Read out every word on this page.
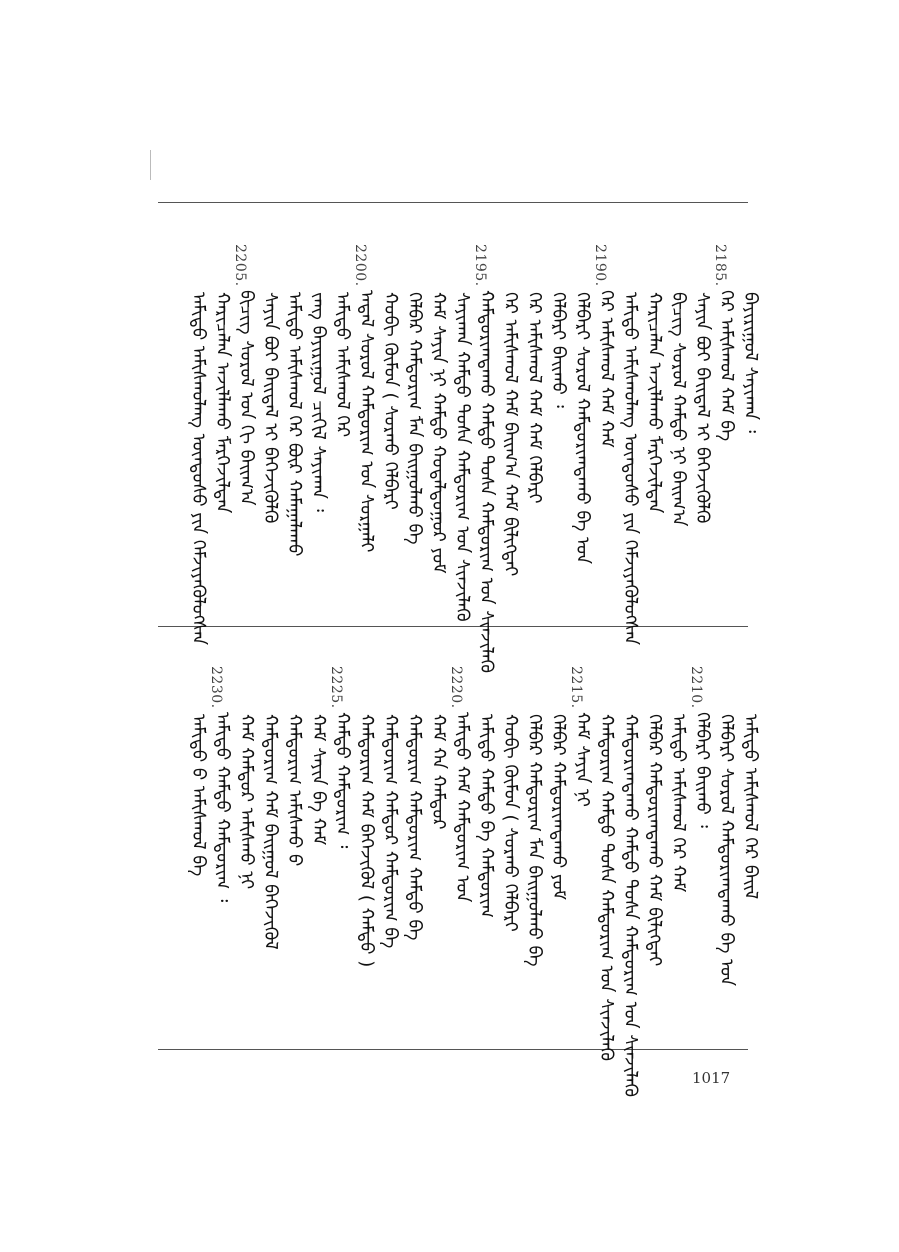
ᠠᠮᠢᠳᠤ ᠠᠮᠢᠰᠬᠤᠯᠠᠩ ᠦᠨᠳᠦᠰᠦ ᠶᠢᠨ ᠬᠡᠮᠵᠢᠶᠡᠭᠦᠯᠦᠭᠰᠡᠨ ᠬᠠᠷᠢᠴᠠᠯᠠᠨ ᠠᠵᠢᠯᠯᠠᠬᠤ ᠮᠡᠷᠭᠡᠵᠢᠯᠲᠡᠨ
2205.
ᠪᠢᠴᠢᠭ ᠰᠤᠷᠤᠯ ᠤᠨ ᠬᠢ ᠪᠠᠢᠭ᠎ᠠ ᠰᠠᠶᠢᠨ ᠪᠤᠢ ᠪᠠᠢᠳᠠᠯ ᠢ ᠪᠡᠬᠡᠵᠢᠭᠦᠯᠬᠦ ᠠᠮᠢᠳᠤ ᠠᠮᠢᠰᠬᠤᠯ ᠬᠡᠷ ᠪᠦᠷ ᠬᠠᠮᠠᠭᠠᠯᠠᠬᠤ ᠵᠠᠩ ᠪᠠᠶᠢᠷᠢᠭᠤᠯ ᠴᠢᠬᠢᠯ ᠰᠠᠶᠢᠬᠠᠨ ᠄ ᠠᠮᠢᠳᠤ ᠠᠮᠢᠰᠬᠤᠯ ᠬᠡᠷ
2200.
ᠠᠳᠠᠯ ᠰᠤᠷᠤᠯ ᠬᠠᠮᠲᠤᠷᠢᠭ ᠤᠨ ᠰᠤᠷᠭᠠᠯᠢ ᠬᠤᠪᠢ ᠬᠦᠮᠦᠨ ( ᠰᠤᠷᠬᠤ ᠬᠡᠯᠪᠡᠷᠢ ᠬᠡᠯᠪᠡᠷ ᠬᠠᠮᠲᠤᠷᠢᠭ ᠮᠠᠨ ᠪᠠᠢᠭᠤᠯᠬᠤ ᠪᠠ ᠬᠠᠮ ᠰᠠᠶᠢᠨ ᠨᠢ ᠬᠠᠮᠲᠤ ᠬᠤᠳᠠᠯᠳᠤᠭᠤᠷ ᠶᠤᠮ ᠰᠠᠶᠢᠬᠠᠨ ᠬᠠᠮᠲᠤ ᠲᠤᠰᠠ ᠬᠠᠮᠲᠤᠷᠢᠭ ᠤᠨ ᠰᠢᠨᠵᠢᠯᠡᠬᠦ
2195.
ᠬᠠᠮᠲᠤᠷᠢᠭᠳᠠᠬᠤ ᠬᠠᠮᠲᠤ ᠲᠤᠰᠠ ᠬᠠᠮᠲᠤᠷᠢᠭ ᠤᠨ ᠰᠢᠨᠵᠢᠯᠡᠬᠦ ᠬᠡᠷ ᠠᠮᠢᠰᠬᠤᠯ ᠬᠠᠮ ᠪᠠᠢᠭ᠎ᠠ ᠬᠠᠮ ᠪᠢᠯᠢᠭᠲᠡᠢ ᠬᠡᠷ ᠠᠮᠢᠰᠬᠤᠯ ᠬᠠᠮ ᠬᠠᠮ ᠬᠡᠯᠪᠡᠷᠢ ᠬᠡᠯᠪᠡᠷᠢ ᠪᠠᠢᠬᠤ ᠄ ᠬᠡᠯᠪᠡᠷᠢ ᠰᠤᠷᠤᠯ ᠬᠠᠮᠲᠤᠷᠢᠭᠳᠠᠬᠤ ᠪᠠ ᠤᠨ
2190.
ᠬᠡᠷ ᠠᠮᠢᠰᠬᠤᠯ ᠬᠠᠮ ᠬᠠᠮ ᠠᠮᠢᠳᠤ ᠠᠮᠢᠰᠬᠤᠯᠠᠩ ᠦᠨᠳᠦᠰᠦ ᠶᠢᠨ ᠬᠡᠮᠵᠢᠶᠡᠭᠦᠯᠦᠭᠰᠡᠨ ᠬᠠᠷᠢᠴᠠᠯᠠᠨ ᠠᠵᠢᠯᠯᠠᠬᠤ ᠮᠡᠷᠭᠡᠵᠢᠯᠲᠡᠨ ᠪᠢᠴᠢᠭ ᠰᠤᠷᠤᠯ ᠬᠠᠮᠲᠤ ᠨᠢ ᠪᠠᠢᠭ᠎ᠠ ᠰᠠᠶᠢᠨ ᠪᠤᠢ ᠪᠠᠢᠳᠠᠯ ᠢ ᠪᠡᠬᠡᠵᠢᠭᠦᠯᠬᠦ
2185.
ᠬᠡᠷ ᠠᠮᠢᠰᠬᠤᠯ ᠬᠠᠮ ᠪᠠ ᠪᠠᠶᠢᠷᠢᠭᠤᠯ ᠰᠠᠶᠢᠬᠠᠨ ᠄
ᠠᠮᠢᠳᠤ ᠪ ᠠᠮᠢᠰᠬᠤᠯ ᠪᠠ
2230.
ᠠᠮᠢᠳᠤ ᠬᠠᠮᠲᠤ ᠬᠠᠮᠲᠤᠷᠢᠭ ᠄ ᠬᠠᠮ ᠬᠠᠮᠲᠤᠷ ᠠᠮᠢᠰᠬᠤ ᠨᠢ ᠬᠠᠮᠲᠤᠷᠢᠭ ᠬᠠᠮ ᠪᠠᠢᠭᠤᠯ ᠪᠡᠬᠡᠵᠢᠭᠦᠯ ᠬᠠᠮᠲᠤᠷᠢᠭ ᠠᠮᠢᠰᠬᠤ ᠪ ᠬᠠᠮ ᠰᠠᠶᠢᠨ ᠪᠠ ᠬᠠᠮ
2225.
ᠬᠠᠮᠲᠤ ᠬᠠᠮᠲᠤᠷᠢᠭ ᠄ ᠬᠠᠮᠲᠤᠷᠢᠭ ᠬᠠᠮ ᠪᠡᠬᠡᠵᠢᠭᠦᠯ ( ᠬᠠᠮᠲᠤ ) ᠬᠠᠮᠲᠤᠷᠢᠭ ᠬᠠᠮᠲᠤᠷ ᠬᠠᠮᠲᠤᠷᠢᠭ ᠪᠠ ᠬᠠᠮᠲᠤᠷᠢᠭ ᠬᠠᠮᠲᠤᠷᠢᠭ ᠬᠠᠮᠲᠤ ᠪᠠ ᠬᠠᠮ ᠬᠠ ᠬᠠᠮᠲᠤᠷ
2220.
ᠠᠮᠢᠳᠤ ᠬᠠᠮ ᠬᠠᠮᠲᠤᠷᠢᠭ ᠤᠨ ᠠᠮᠢᠳᠤ ᠬᠠᠮᠲᠤ ᠪᠠ ᠬᠠᠮᠲᠤᠷᠢᠭ ᠬᠤᠪᠢ ᠬᠦᠮᠦᠨ ( ᠰᠤᠷᠬᠤ ᠬᠡᠯᠪᠡᠷᠢ ᠬᠡᠯᠪᠡᠷ ᠬᠠᠮᠲᠤᠷᠢᠭ ᠮᠠᠨ ᠪᠠᠢᠭᠤᠯᠬᠤ ᠪᠠ ᠬᠡᠯᠪᠡᠷ ᠬᠠᠮᠲᠤᠷᠢᠭᠳᠠᠬᠤ ᠶᠤᠮ
2215.
ᠬᠠᠮ ᠰᠠᠶᠢᠨ ᠨᠢ ᠬᠠᠮᠲᠤᠷᠢᠭ ᠬᠠᠮᠲᠤ ᠲᠤᠰᠠ ᠬᠠᠮᠲᠤᠷᠢᠭ ᠤᠨ ᠰᠢᠨᠵᠢᠯᠡᠬᠦ ᠬᠠᠮᠲᠤᠷᠢᠭᠳᠠᠬᠤ ᠬᠠᠮᠲᠤ ᠲᠤᠰᠠ ᠬᠠᠮᠲᠤᠷᠢᠭ ᠤᠨ ᠰᠢᠨᠵᠢᠯᠡᠬᠦ ᠬᠡᠯᠪᠡᠷ ᠬᠠᠮᠲᠤᠷᠢᠭᠳᠠᠬᠤ ᠬᠠᠮ ᠪᠢᠯᠢᠭᠲᠡᠢ ᠠᠮᠢᠳᠤ ᠠᠮᠢᠰᠬᠤᠯ ᠬᠡᠷ ᠬᠠᠮ
2210.
ᠬᠡᠯᠪᠡᠷᠢ ᠪᠠᠢᠬᠤ ᠄ ᠬᠡᠯᠪᠡᠷᠢ ᠰᠤᠷᠤᠯ ᠬᠠᠮᠲᠤᠷᠢᠭᠳᠠᠬᠤ ᠪᠠ ᠤᠨ ᠠᠮᠢᠳᠤ ᠠᠮᠢᠰᠬᠤᠯ ᠬᠡᠷ ᠪᠠᠢᠯ
1017
